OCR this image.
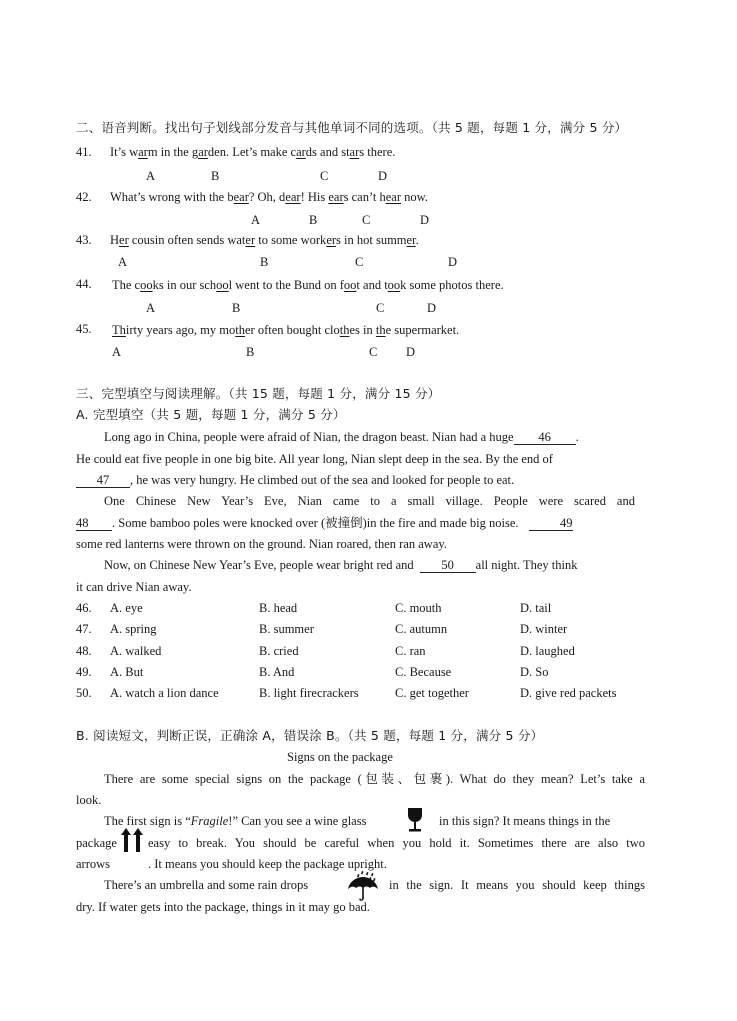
二、语音判断。找出句子划线部分发音与其他单词不同的选项。（共 5 题，每题 1 分，满分 5 分）
41. It’s warm in the garden. Let’s make cards and stars there.
A	B	C	D
42. What’s wrong with the bear? Oh, dear! His ears can’t hear now.
A	B	C	D
43. Her cousin often sends water to some workers in hot summer.
A	B	C	D
44. The cooks in our school went to the Bund on foot and took some photos there.
A	B	C	D
45. Thirty years ago, my mother often bought clothes in the supermarket.
A	B	C D
三、完型填空与阅读理解。（共 15 题，每题 1 分，满分 15 分）
A. 完型填空（共 5 题，每题 1 分，满分 5 分）
Long ago in China, people were afraid of Nian, the dragon beast. Nian had a huge 46 .
He could eat five people in one big bite. All year long, Nian slept deep in the sea. By the end of
47 , he was very hungry. He climbed out of the sea and looked for people to eat.
One Chinese New Year’s Eve, Nian came to a small village. People were scared and
48 . Some bamboo poles were knocked over (被撞倒)in the fire and made big noise.	49
some red lanterns were thrown on the ground. Nian roared, then ran away.
Now, on Chinese New Year’s Eve, people wear bright red and 50 all night. They think
it can drive Nian away.
46. A. eye	B. head	C. mouth	D. tail
47. A. spring	B. summer	C. autumn	D. winter
48. A. walked	B. cried	C. ran	D. laughed
49. A. But	B. And	C. Because	D. So
50. A. watch a lion dance	B. light firecrackers	C. get together	D. give red packets
B. 阅读短文，判断正误，正确涂 A，错误涂 B。（共 5 题，每题 1 分，满分 5 分）
Signs on the package
There are some special signs on the package (包装、包裹). What do they mean? Let’s take a
look.
The first sign is “Fragile!” Can you see a wine glass	in this sign? It means things in the
package easy to break. You should be careful when you hold it. Sometimes there are also two
arrows	. It means you should keep the package upright.
There’s an umbrella and some rain drops	in the sign. It means you should keep things
dry. If water gets into the package, things in it may go bad.
